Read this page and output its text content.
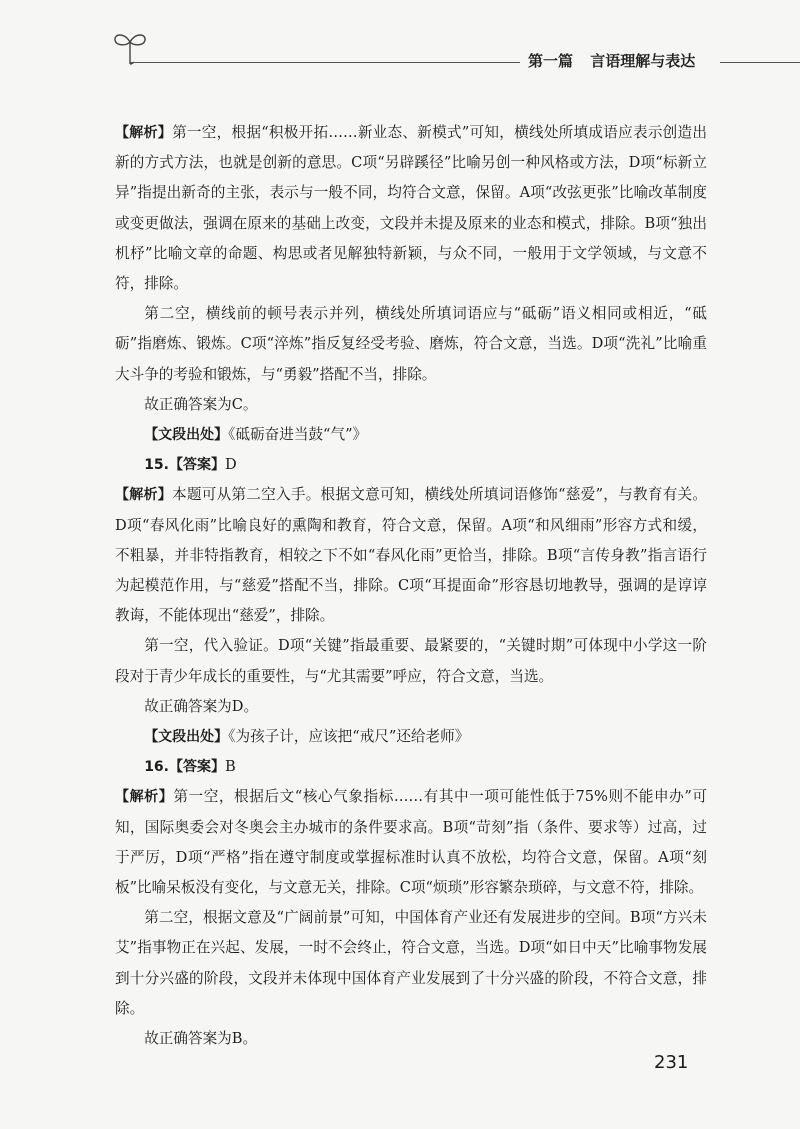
第一篇 言语理解与表达

【解析】第一空，根据“积极开拓……新业态、新模式”可知，横线处所填成语应表示创造出新的方式方法，也就是创新的意思。C项“另辟蹊径”比喻另创一种风格或方法，D项“标新立异”指提出新奇的主张，表示与一般不同，均符合文意，保留。A项“改弦更张”比喻改革制度或变更做法，强调在原来的基础上改变，文段并未提及原来的业态和模式，排除。B项“独出机杼”比喻文章的命题、构思或者见解独特新颖，与众不同，一般用于文学领域，与文意不符，排除。

第二空，横线前的顿号表示并列，横线处所填词语应与“砥砺”语义相同或相近，“砥砺”指磨炼、锻炼。C项“淬炼”指反复经受考验、磨炼，符合文意，当选。D项“洗礼”比喻重大斗争的考验和锻炼，与“勇毅”搭配不当，排除。

故正确答案为C。

【文段出处】《砥砺奋进当鼓“气”》

15.【答案】D

【解析】本题可从第二空入手。根据文意可知，横线处所填词语修饰“慈爱”，与教育有关。D项“春风化雨”比喻良好的熏陶和教育，符合文意，保留。A项“和风细雨”形容方式和缓，不粗暴，并非特指教育，相较之下不如“春风化雨”更恰当，排除。B项“言传身教”指言语行为起模范作用，与“慈爱”搭配不当，排除。C项“耳提面命”形容恳切地教导，强调的是谆谆教诲，不能体现出“慈爱”，排除。

第一空，代入验证。D项“关键”指最重要、最紧要的，“关键时期”可体现中小学这一阶段对于青少年成长的重要性，与“尤其需要”呼应，符合文意，当选。

故正确答案为D。

【文段出处】《为孩子计，应该把“戒尺”还给老师》

16.【答案】B

【解析】第一空，根据后文“核心气象指标……有其中一项可能性低于75%则不能申办”可知，国际奥委会对冬奥会主办城市的条件要求高。B项“苛刻”指（条件、要求等）过高，过于严厉，D项“严格”指在遵守制度或掌握标准时认真不放松，均符合文意，保留。A项“刻板”比喻呆板没有变化，与文意无关，排除。C项“烦琐”形容繁杂琐碎，与文意不符，排除。

第二空，根据文意及“广阔前景”可知，中国体育产业还有发展进步的空间。B项“方兴未艾”指事物正在兴起、发展，一时不会终止，符合文意，当选。D项“如日中天”比喻事物发展到十分兴盛的阶段，文段并未体现中国体育产业发展到了十分兴盛的阶段，不符合文意，排除。

故正确答案为B。

231
